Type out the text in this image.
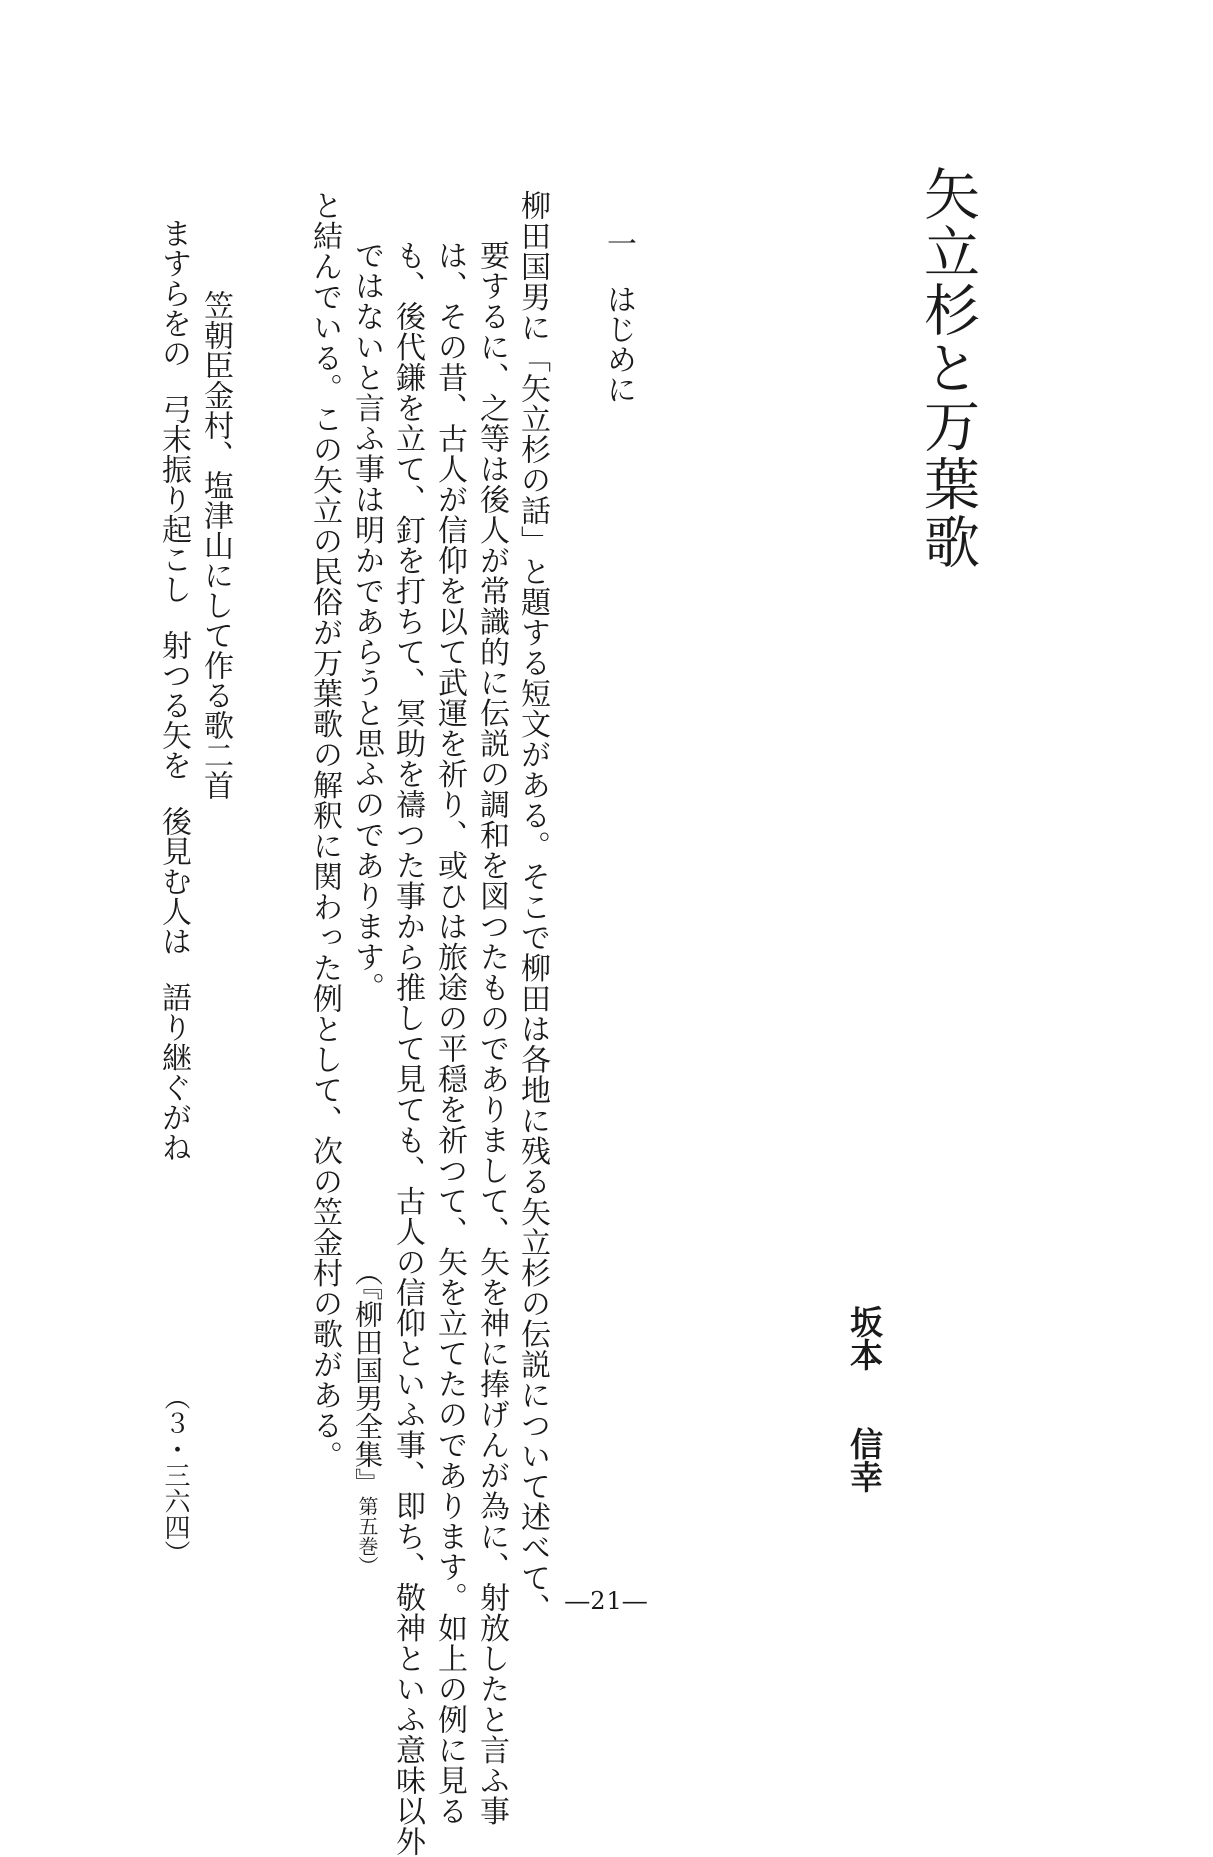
矢立杉と万葉歌
坂本信幸
一はじめに
柳田国男に「矢立杉の話」と題する短文がある。そこで柳田は各地に残る矢立杉の伝説について述べて、
要するに、之等は後人が常識的に伝説の調和を図つたものでありまして、矢を神に捧げんが為に、射放したと言ふ事
は、その昔、古人が信仰を以て武運を祈り、或ひは旅途の平穏を祈つて、矢を立てたのであります。如上の例に見る
も、後代鎌を立て、釘を打ちて、冥助を禱つた事から推して見ても、古人の信仰といふ事、即ち、敬神といふ意味以外
ではないと言ふ事は明かであらうと思ふのであります。
と結んでいる。この矢立の民俗が万葉歌の解釈に関わった例として、次の笠金村の歌がある。 （『柳田国男全集』第五巻）
笠朝臣金村、塩津山にして作る歌二首
ますらをの弓末振り起こし射つる矢を後見む人は語り継ぐがね
（３・三六四）
―21―
